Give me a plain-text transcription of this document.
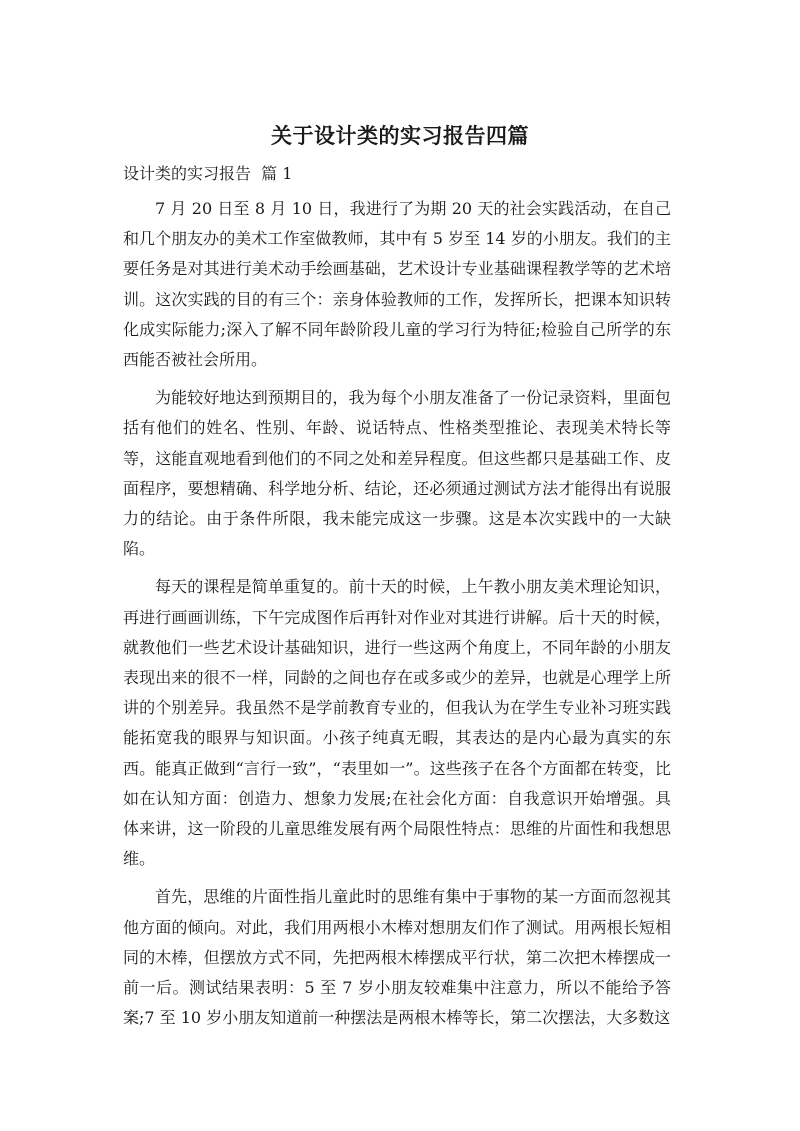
关于设计类的实习报告四篇
设计类的实习报告  篇 1

7 月 20 日至 8 月 10 日，我进行了为期 20 天的社会实践活动，在自己和几个朋友办的美术工作室做教师，其中有 5 岁至 14 岁的小朋友。我们的主要任务是对其进行美术动手绘画基础，艺术设计专业基础课程教学等的艺术培训。这次实践的目的有三个：亲身体验教师的工作，发挥所长，把课本知识转化成实际能力;深入了解不同年龄阶段儿童的学习行为特征;检验自己所学的东西能否被社会所用。

为能较好地达到预期目的，我为每个小朋友准备了一份记录资料，里面包括有他们的姓名、性别、年龄、说话特点、性格类型推论、表现美术特长等等，这能直观地看到他们的不同之处和差异程度。但这些都只是基础工作、皮面程序，要想精确、科学地分析、结论，还必须通过测试方法才能得出有说服力的结论。由于条件所限，我未能完成这一步骤。这是本次实践中的一大缺陷。

每天的课程是简单重复的。前十天的时候，上午教小朋友美术理论知识，再进行画画训练，下午完成图作后再针对作业对其进行讲解。后十天的时候，就教他们一些艺术设计基础知识，进行一些这两个角度上，不同年龄的小朋友表现出来的很不一样，同龄的之间也存在或多或少的差异，也就是心理学上所讲的个别差异。我虽然不是学前教育专业的，但我认为在学生专业补习班实践能拓宽我的眼界与知识面。小孩子纯真无暇，其表达的是内心最为真实的东西。能真正做到“言行一致”，“表里如一”。这些孩子在各个方面都在转变，比如在认知方面：创造力、想象力发展;在社会化方面：自我意识开始增强。具体来讲，这一阶段的儿童思维发展有两个局限性特点：思维的片面性和我想思维。

首先，思维的片面性指儿童此时的思维有集中于事物的某一方面而忽视其他方面的倾向。对此，我们用两根小木棒对想朋友们作了测试。用两根长短相同的木棒，但摆放方式不同，先把两根木棒摆成平行状，第二次把木棒摆成一前一后。测试结果表明：5 至 7 岁小朋友较难集中注意力，所以不能给予答案;7 至 10 岁小朋友知道前一种摆法是两根木棒等长，第二次摆法，大多数这
